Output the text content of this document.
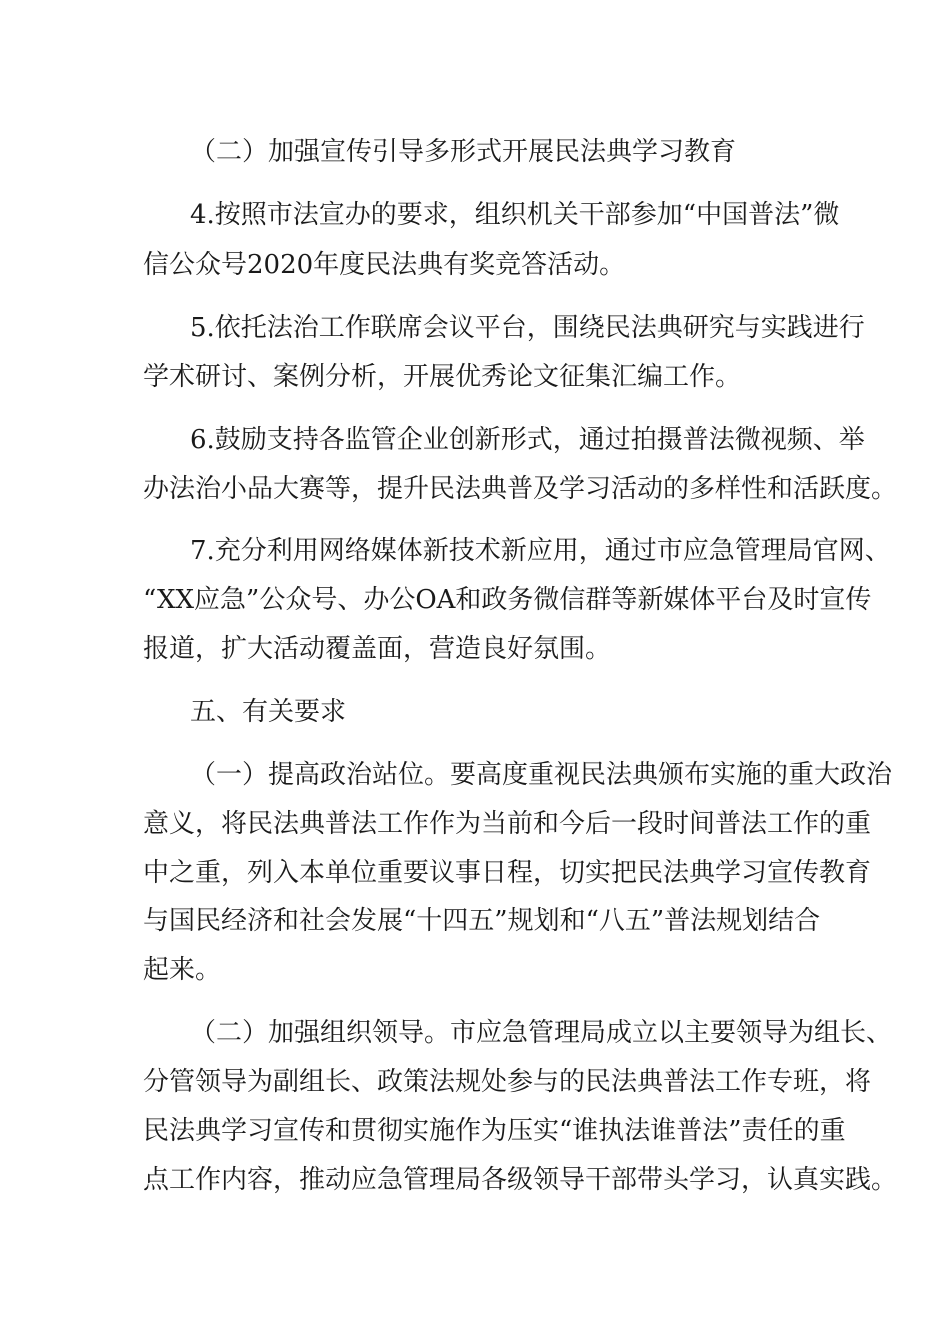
（二）加强宣传引导多形式开展民法典学习教育
4.按照市法宣办的要求，组织机关干部参加“中国普法”微
信公众号2020年度民法典有奖竞答活动。
5.依托法治工作联席会议平台，围绕民法典研究与实践进行
学术研讨、案例分析，开展优秀论文征集汇编工作。
6.鼓励支持各监管企业创新形式，通过拍摄普法微视频、举
办法治小品大赛等，提升民法典普及学习活动的多样性和活跃度。
7.充分利用网络媒体新技术新应用，通过市应急管理局官网、
“XX应急”公众号、办公OA和政务微信群等新媒体平台及时宣传
报道，扩大活动覆盖面，营造良好氛围。
五、有关要求
（一）提高政治站位。要高度重视民法典颁布实施的重大政治
意义，将民法典普法工作作为当前和今后一段时间普法工作的重
中之重，列入本单位重要议事日程，切实把民法典学习宣传教育
与国民经济和社会发展“十四五”规划和“八五”普法规划结合
起来。
（二）加强组织领导。市应急管理局成立以主要领导为组长、
分管领导为副组长、政策法规处参与的民法典普法工作专班，将
民法典学习宣传和贯彻实施作为压实“谁执法谁普法”责任的重
点工作内容，推动应急管理局各级领导干部带头学习，认真实践。
